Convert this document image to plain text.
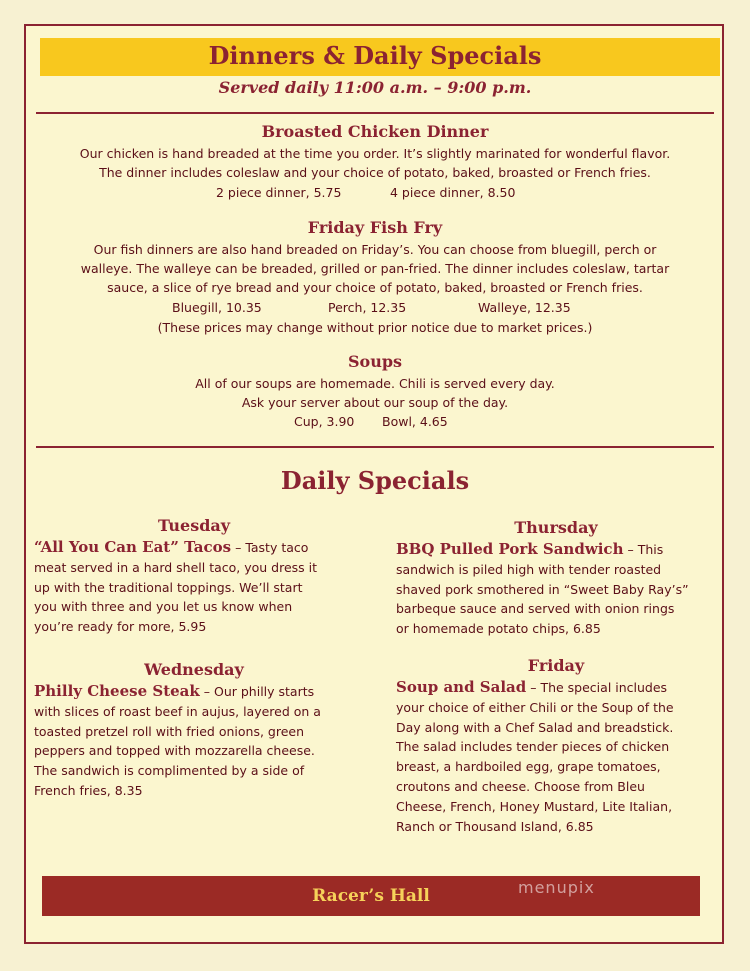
Dinners & Daily Specials
Served daily 11:00 a.m. – 9:00 p.m.
Broasted Chicken Dinner
Our chicken is hand breaded at the time you order. It’s slightly marinated for wonderful flavor.
The dinner includes coleslaw and your choice of potato, baked, broasted or French fries.
2 piece dinner, 5.75	4 piece dinner, 8.50
Friday Fish Fry
Our fish dinners are also hand breaded on Friday’s. You can choose from bluegill, perch or
walleye. The walleye can be breaded, grilled or pan-fried. The dinner includes coleslaw, tartar
sauce, a slice of rye bread and your choice of potato, baked, broasted or French fries.
Bluegill, 10.35	Perch, 12.35	Walleye, 12.35
(These prices may change without prior notice due to market prices.)
Soups
All of our soups are homemade. Chili is served every day.
Ask your server about our soup of the day.
Cup, 3.90 Bowl, 4.65
Daily Specials
Tuesday
“All You Can Eat” Tacos – Tasty taco
meat served in a hard shell taco, you dress it
up with the traditional toppings. We’ll start
you with three and you let us know when
you’re ready for more, 5.95
Wednesday
Philly Cheese Steak – Our philly starts
with slices of roast beef in aujus, layered on a
toasted pretzel roll with fried onions, green
peppers and topped with mozzarella cheese.
The sandwich is complimented by a side of
French fries, 8.35
Thursday
BBQ Pulled Pork Sandwich – This
sandwich is piled high with tender roasted
shaved pork smothered in “Sweet Baby Ray’s”
barbeque sauce and served with onion rings
or homemade potato chips, 6.85
Friday
Soup and Salad – The special includes
your choice of either Chili or the Soup of the
Day along with a Chef Salad and breadstick.
The salad includes tender pieces of chicken
breast, a hardboiled egg, grape tomatoes,
croutons and cheese. Choose from Bleu
Cheese, French, Honey Mustard, Lite Italian,
Ranch or Thousand Island, 6.85
Racer’s Hall	menupix
